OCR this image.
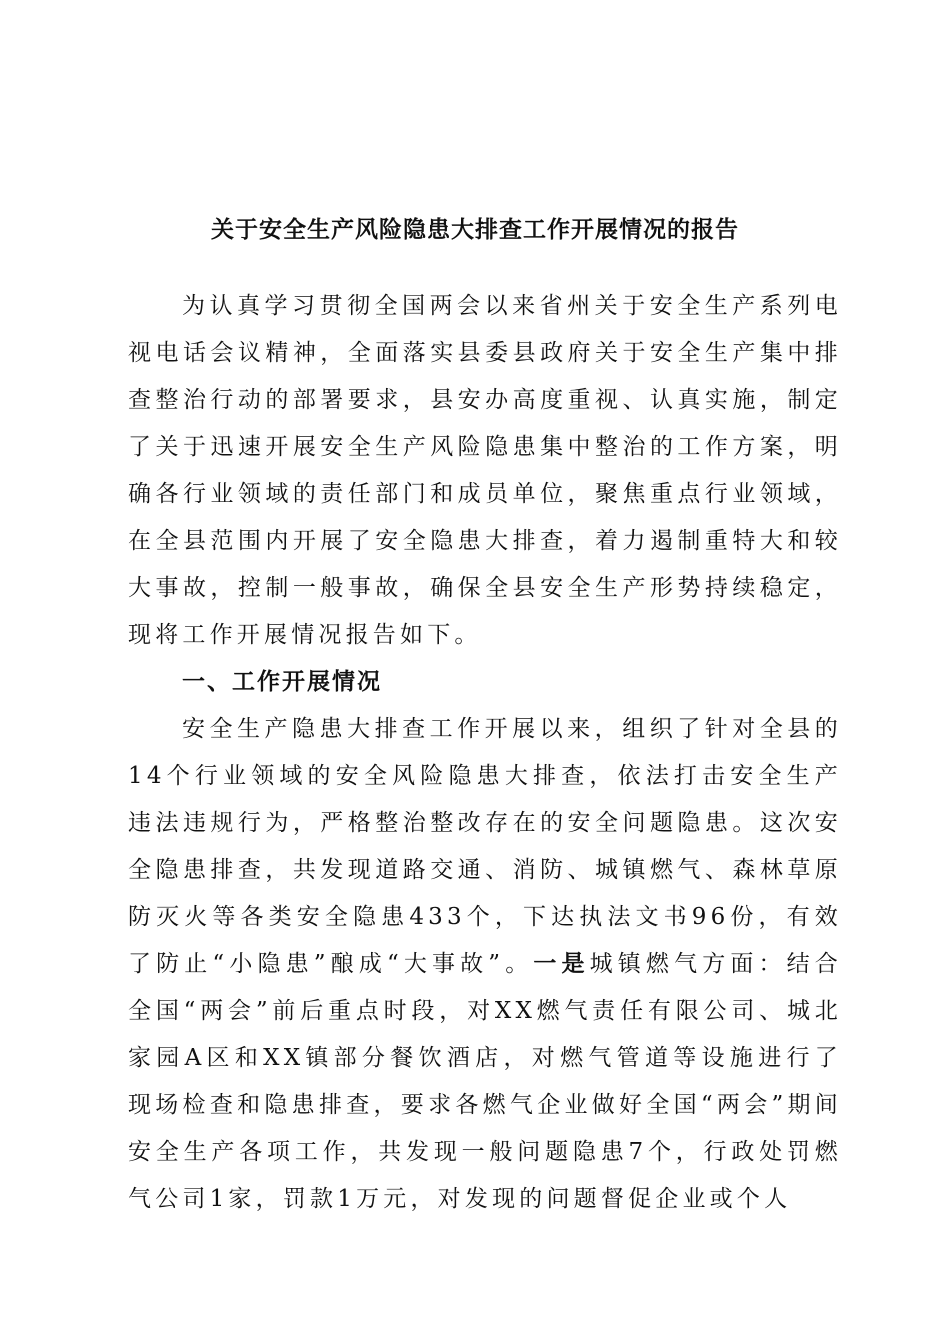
关于安全生产风险隐患大排查工作开展情况的报告

为认真学习贯彻全国两会以来省州关于安全生产系列电视电话会议精神，全面落实县委县政府关于安全生产集中排查整治行动的部署要求，县安办高度重视、认真实施，制定了关于迅速开展安全生产风险隐患集中整治的工作方案，明确各行业领域的责任部门和成员单位，聚焦重点行业领域，在全县范围内开展了安全隐患大排查，着力遏制重特大和较大事故，控制一般事故，确保全县安全生产形势持续稳定，现将工作开展情况报告如下。

一、工作开展情况

安全生产隐患大排查工作开展以来，组织了针对全县的14个行业领域的安全风险隐患大排查，依法打击安全生产违法违规行为，严格整治整改存在的安全问题隐患。这次安全隐患排查，共发现道路交通、消防、城镇燃气、森林草原防灭火等各类安全隐患433个，下达执法文书96份，有效了防止“小隐患”酿成“大事故”。一是城镇燃气方面：结合全国“两会”前后重点时段，对XX燃气责任有限公司、城北家园A区和XX镇部分餐饮酒店，对燃气管道等设施进行了现场检查和隐患排查，要求各燃气企业做好全国“两会”期间安全生产各项工作，共发现一般问题隐患7个，行政处罚燃气公司1家，罚款1万元，对发现的问题督促企业或个人
